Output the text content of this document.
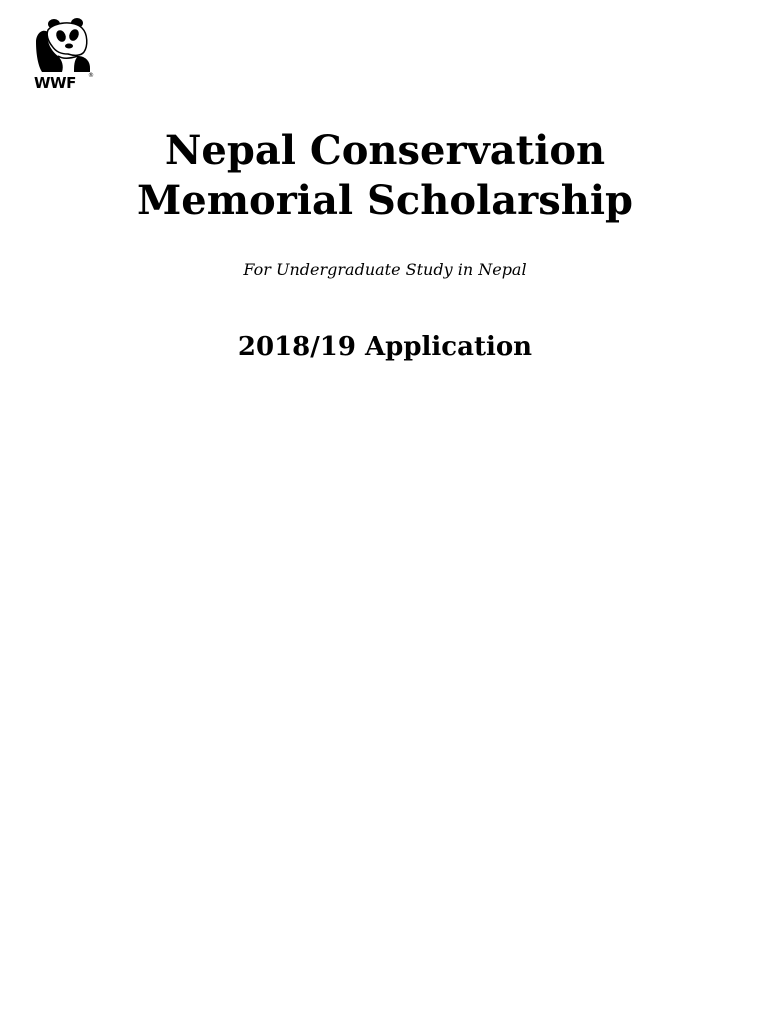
WWF	®
Nepal Conservation
Memorial Scholarship

For Undergraduate Study in Nepal

2018/19 Application
